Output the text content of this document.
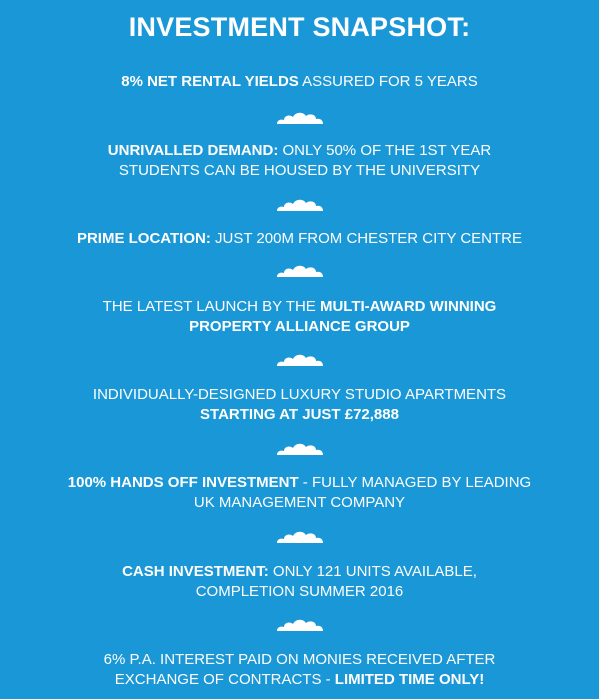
INVESTMENT SNAPSHOT:

8% NET RENTAL YIELDS ASSURED FOR 5 YEARS

UNRIVALLED DEMAND: ONLY 50% OF THE 1ST YEAR
STUDENTS CAN BE HOUSED BY THE UNIVERSITY

PRIME LOCATION: JUST 200M FROM CHESTER CITY CENTRE

THE LATEST LAUNCH BY THE MULTI-AWARD WINNING
PROPERTY ALLIANCE GROUP

INDIVIDUALLY-DESIGNED LUXURY STUDIO APARTMENTS
STARTING AT JUST £72,888

100% HANDS OFF INVESTMENT - FULLY MANAGED BY LEADING
UK MANAGEMENT COMPANY

CASH INVESTMENT: ONLY 121 UNITS AVAILABLE,
COMPLETION SUMMER 2016

6% P.A. INTEREST PAID ON MONIES RECEIVED AFTER
EXCHANGE OF CONTRACTS - LIMITED TIME ONLY!
